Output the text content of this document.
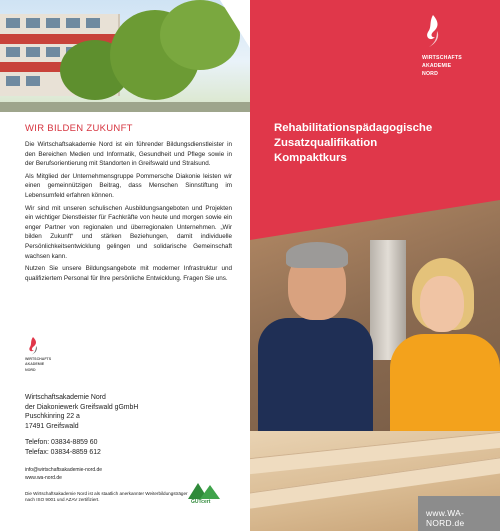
WIR BILDEN ZUKUNFT

Die Wirtschaftsakademie Nord ist ein führender Bildungsdienstleister in den Bereichen Medien und Informatik, Gesundheit und Pflege sowie in der Berufsorientierung mit Standorten in Greifswald und Stralsund.

Als Mitglied der Unternehmensgruppe Pommersche Diakonie leisten wir einen gemeinnützigen Beitrag, dass Menschen Sinnstiftung im Lebensumfeld erfahren können.

Wir sind mit unseren schulischen Ausbildungsangeboten und Projekten ein wichtiger Dienstleister für Fachkräfte von heute und morgen sowie ein enger Partner von regionalen und überregionalen Unternehmen. „Wir bilden Zukunft“ und stärken Beziehungen, damit individuelle Persönlichkeitsentwicklung gelingen und solidarische Gemeinschaft wachsen kann.

Nutzen Sie unsere Bildungsangebote mit moderner Infrastruktur und qualifiziertem Personal für Ihre persönliche Entwicklung. Fragen Sie uns.

WIRTSCHAFTS
AKADEMIE
NORD
Wirtschaftsakademie Nord
der Diakoniewerk Greifswald gGmbH
Puschkinring 22 a
17491 Greifswald
Telefon: 03834-8859 60
Telefax: 03834-8859 612
info@wirtschaftsakademie-nord.de
www.wa-nord.de
Die Wirtschaftsakademie Nord ist als staatlich anerkannter Weiterbildungsträger nach ISO 9001 und AZAV zertifiziert.	GUTcert
WIRTSCHAFTS
AKADEMIE
NORD
Rehabilitationspädagogische
Zusatzqualifikation
Kompaktkurs
www.WA-NORD.de
